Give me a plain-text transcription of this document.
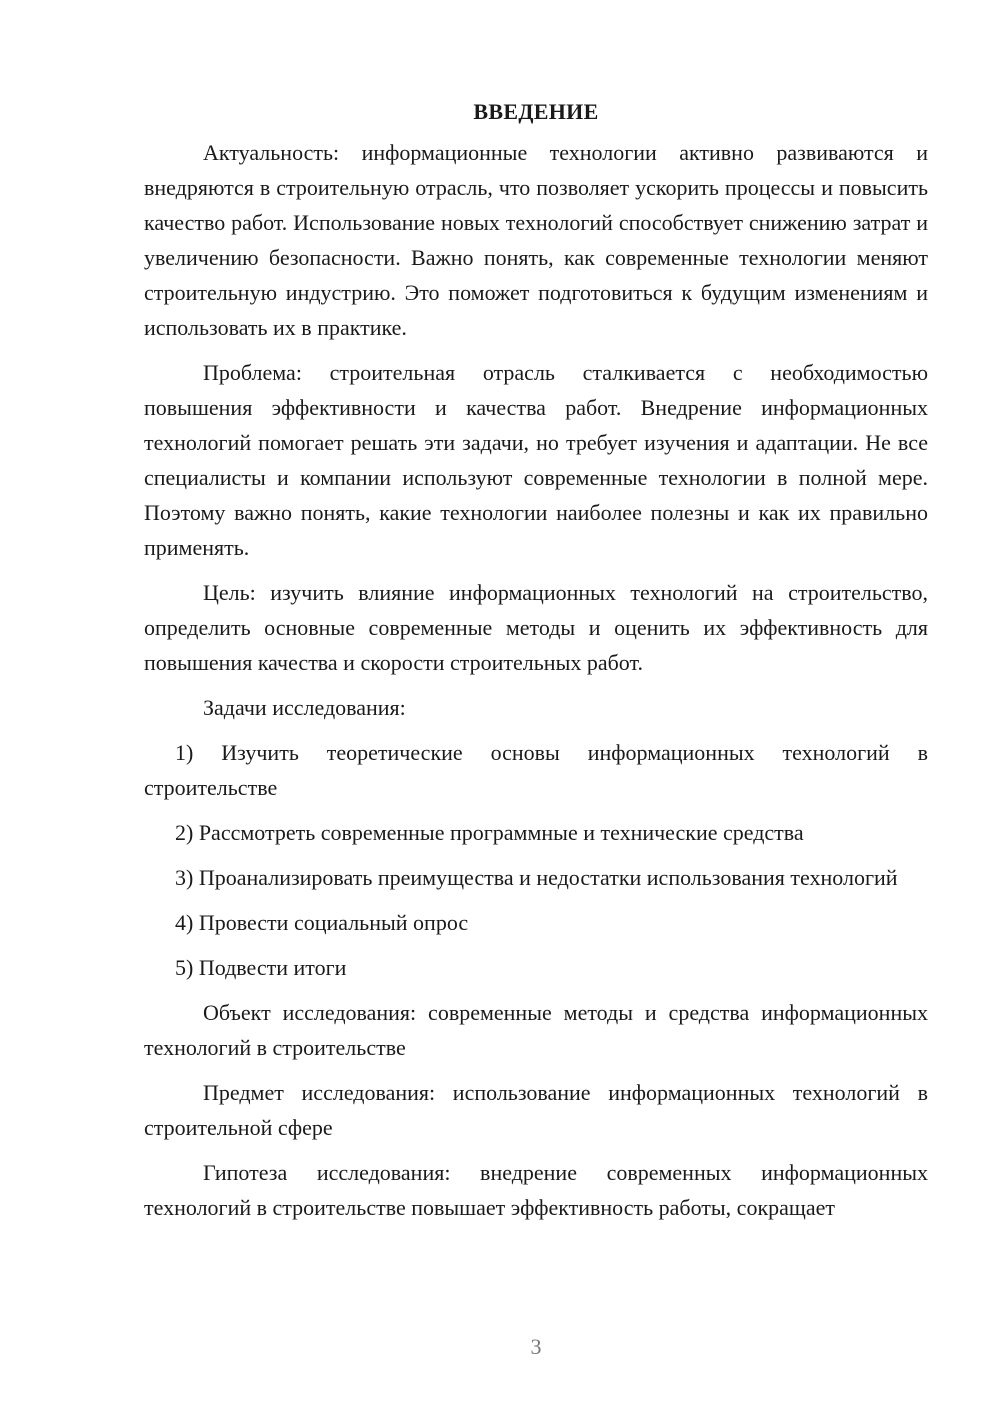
ВВЕДЕНИЕ

Актуальность: информационные технологии активно развиваются и внедряются в строительную отрасль, что позволяет ускорить процессы и повысить качество работ. Использование новых технологий способствует снижению затрат и увеличению безопасности. Важно понять, как современные технологии меняют строительную индустрию. Это поможет подготовиться к будущим изменениям и использовать их в практике.

Проблема: строительная отрасль сталкивается с необходимостью повышения эффективности и качества работ. Внедрение информационных технологий помогает решать эти задачи, но требует изучения и адаптации. Не все специалисты и компании используют современные технологии в полной мере. Поэтому важно понять, какие технологии наиболее полезны и как их правильно применять.

Цель: изучить влияние информационных технологий на строительство, определить основные современные методы и оценить их эффективность для повышения качества и скорости строительных работ.

Задачи исследования:

1) Изучить теоретические основы информационных технологий в строительстве

2) Рассмотреть современные программные и технические средства

3) Проанализировать преимущества и недостатки использования технологий

4) Провести социальный опрос

5) Подвести итоги

Объект исследования: современные методы и средства информационных технологий в строительстве

Предмет исследования: использование информационных технологий в строительной сфере

Гипотеза исследования: внедрение современных информационных технологий в строительстве повышает эффективность работы, сокращает

3
